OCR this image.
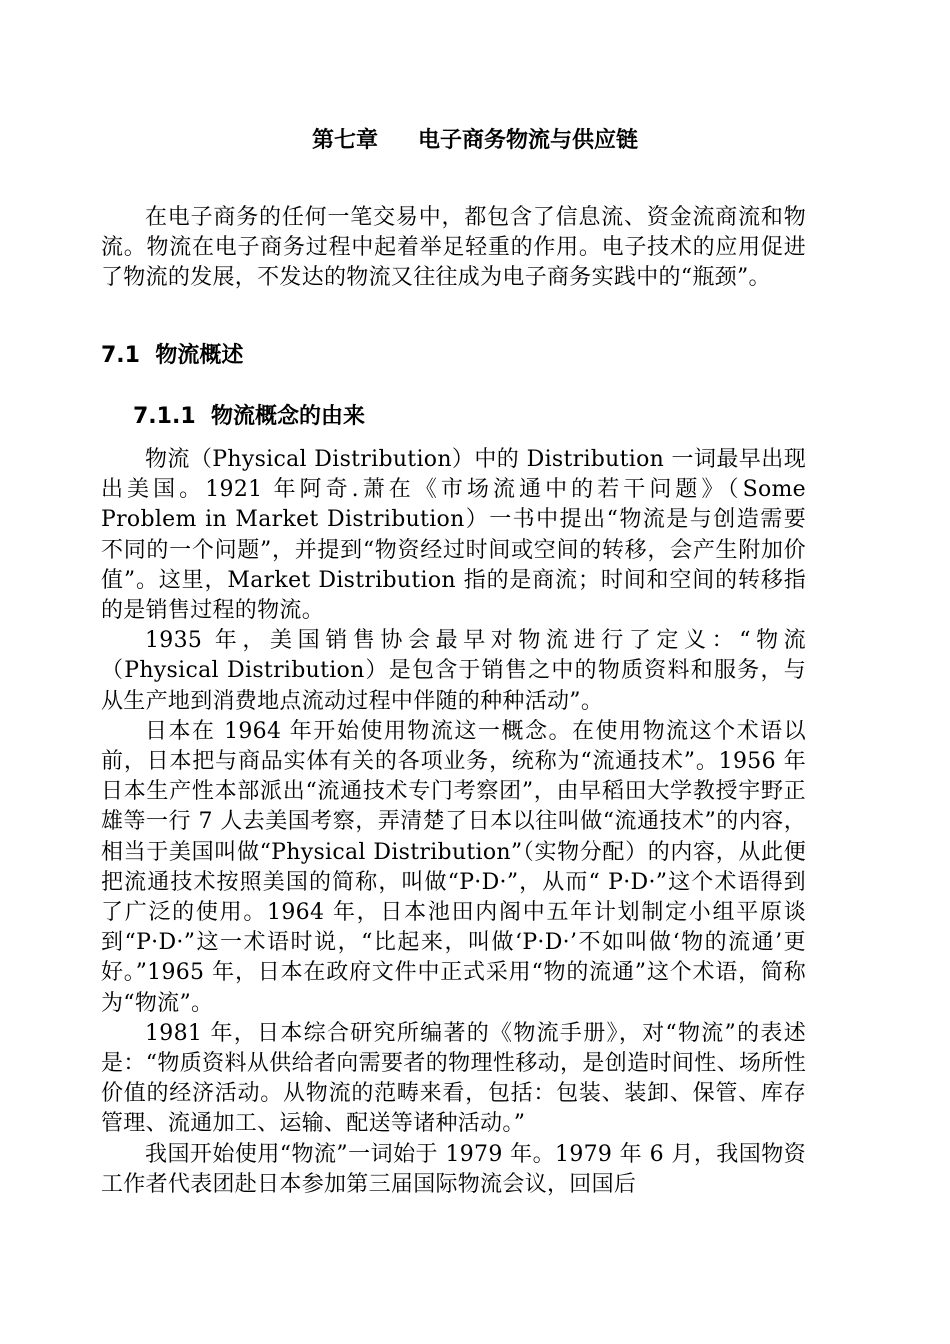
第七章 电子商务物流与供应链

在电子商务的任何一笔交易中，都包含了信息流、资金流商流和物流。物流在电子商务过程中起着举足轻重的作用。电子技术的应用促进了物流的发展，不发达的物流又往往成为电子商务实践中的“瓶颈”。

7.1 物流概述
7.1.1 物流概念的由来

物流（Physical Distribution）中的 Distribution 一词最早出现出美国。1921 年阿奇.萧在《市场流通中的若干问题》（Some Problem in Market Distribution）一书中提出“物流是与创造需要不同的一个问题”，并提到“物资经过时间或空间的转移，会产生附加价值”。这里，Market Distribution 指的是商流；时间和空间的转移指的是销售过程的物流。

1935 年，美国销售协会最早对物流进行了定义：“物流（Physical Distribution）是包含于销售之中的物质资料和服务，与从生产地到消费地点流动过程中伴随的种种活动”。

日本在 1964 年开始使用物流这一概念。在使用物流这个术语以前，日本把与商品实体有关的各项业务，统称为“流通技术”。1956 年日本生产性本部派出“流通技术专门考察团”，由早稻田大学教授宇野正雄等一行 7 人去美国考察，弄清楚了日本以往叫做“流通技术”的内容，相当于美国叫做“Physical Distribution”（实物分配）的内容，从此便把流通技术按照美国的简称，叫做“P·D·”，从而“ P·D·”这个术语得到了广泛的使用。1964 年，日本池田内阁中五年计划制定小组平原谈到“P·D·”这一术语时说，“比起来，叫做‘P·D·’不如叫做‘物的流通’更好。”1965 年，日本在政府文件中正式采用“物的流通”这个术语，简称为“物流”。

1981 年，日本综合研究所编著的《物流手册》，对“物流”的表述是：“物质资料从供给者向需要者的物理性移动，是创造时间性、场所性价值的经济活动。从物流的范畴来看，包括：包装、装卸、保管、库存管理、流通加工、运输、配送等诸种活动。”

我国开始使用“物流”一词始于 1979 年。1979 年 6 月，我国物资工作者代表团赴日本参加第三届国际物流会议，回国后
